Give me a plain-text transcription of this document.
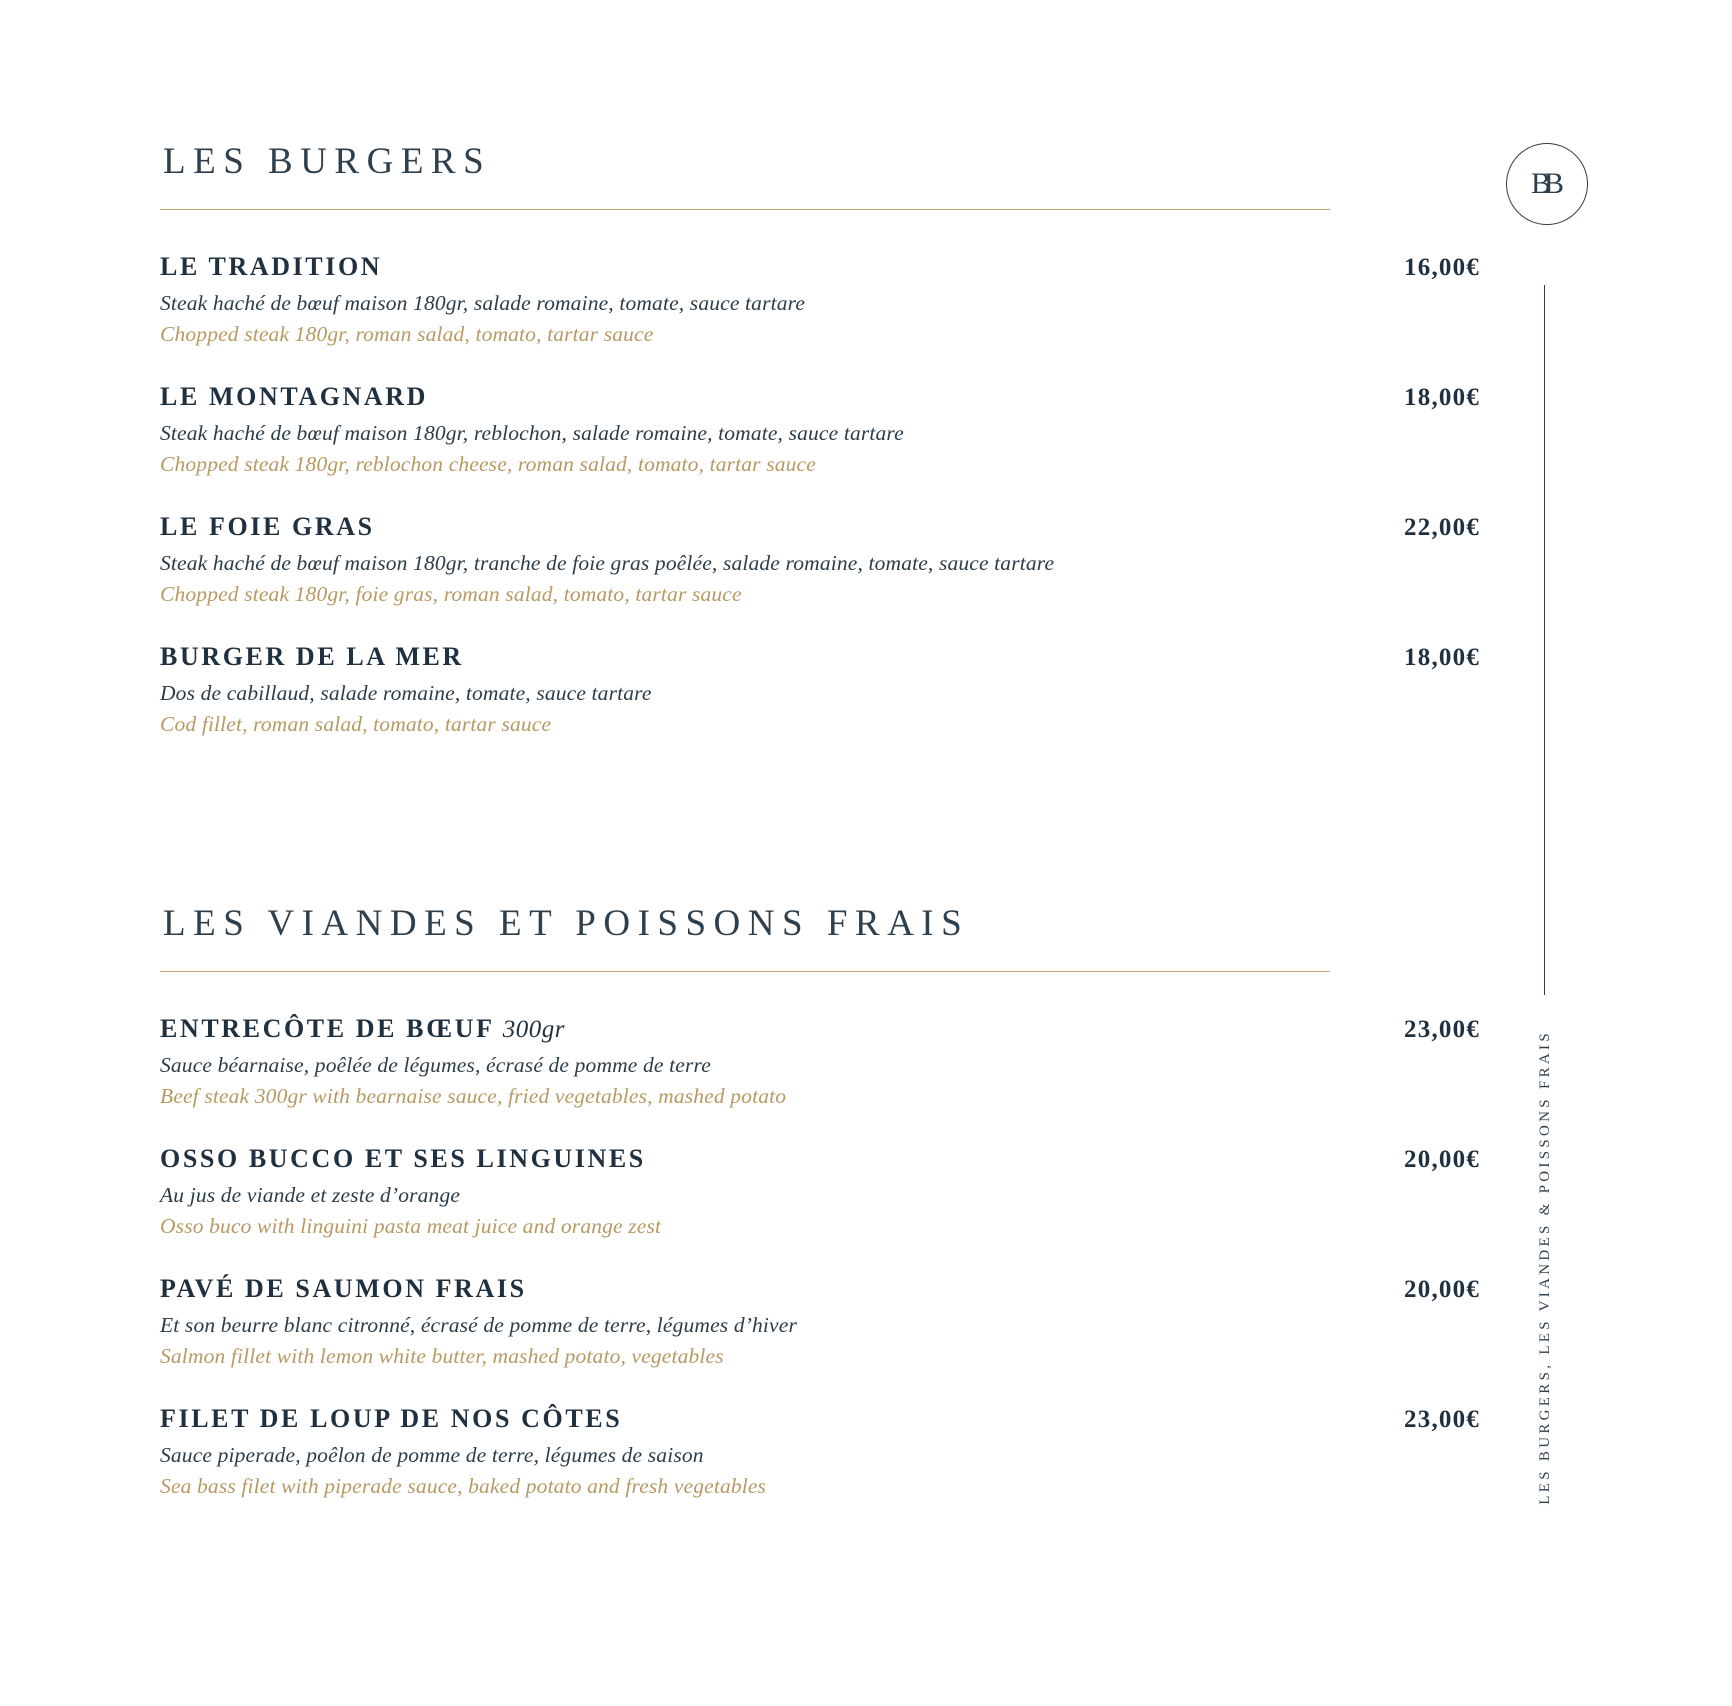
BB
LES BURGERS, LES VIANDES & POISSONS FRAIS
LES BURGERS
LE TRADITION	16,00€
Steak haché de bœuf maison 180gr, salade romaine, tomate, sauce tartare
Chopped steak 180gr, roman salad, tomato, tartar sauce
LE MONTAGNARD	18,00€
Steak haché de bœuf maison 180gr, reblochon, salade romaine, tomate, sauce tartare
Chopped steak 180gr, reblochon cheese, roman salad, tomato, tartar sauce
LE FOIE GRAS	22,00€
Steak haché de bœuf maison 180gr, tranche de foie gras poêlée, salade romaine, tomate, sauce tartare
Chopped steak 180gr, foie gras, roman salad, tomato, tartar sauce
BURGER DE LA MER	18,00€
Dos de cabillaud, salade romaine, tomate, sauce tartare
Cod fillet, roman salad, tomato, tartar sauce
LES VIANDES ET POISSONS FRAIS
ENTRECÔTE DE BŒUF 300gr	23,00€
Sauce béarnaise, poêlée de légumes, écrasé de pomme de terre
Beef steak 300gr with bearnaise sauce, fried vegetables, mashed potato
OSSO BUCCO ET SES LINGUINES	20,00€
Au jus de viande et zeste d’orange
Osso buco with linguini pasta meat juice and orange zest
PAVÉ DE SAUMON FRAIS	20,00€
Et son beurre blanc citronné, écrasé de pomme de terre, légumes d’hiver
Salmon fillet with lemon white butter, mashed potato, vegetables
FILET DE LOUP DE NOS CÔTES	23,00€
Sauce piperade, poêlon de pomme de terre, légumes de saison
Sea bass filet with piperade sauce, baked potato and fresh vegetables
